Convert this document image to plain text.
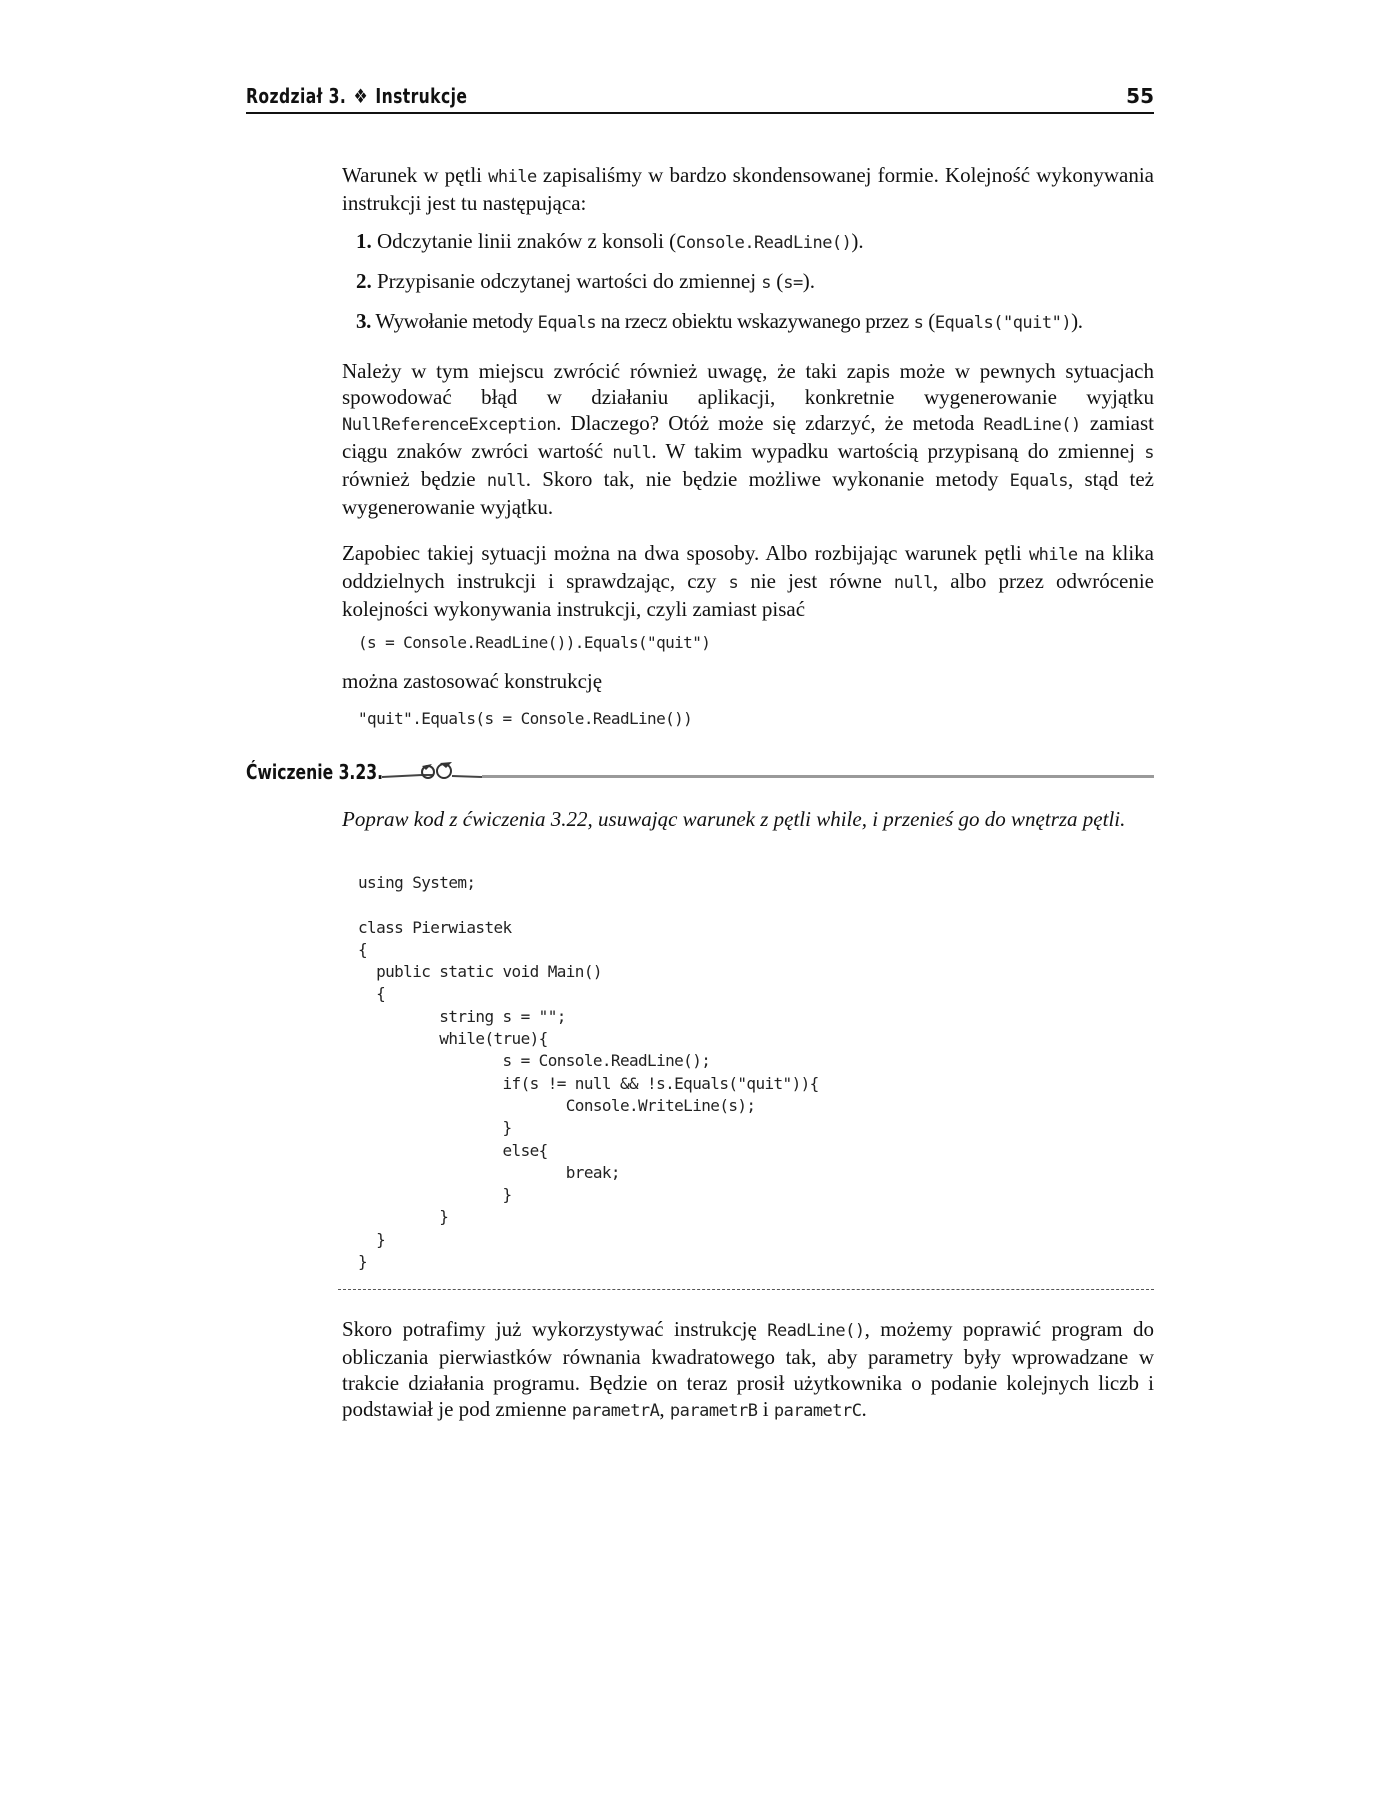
Rozdział 3. ❖ Instrukcje	55
Warunek w pętli while zapisaliśmy w bardzo skondensowanej formie. Kolejność wykonywania instrukcji jest tu następująca:
1. Odczytanie linii znaków z konsoli (Console.ReadLine()).
2. Przypisanie odczytanej wartości do zmiennej s (s=).
3. Wywołanie metody Equals na rzecz obiektu wskazywanego przez s (Equals("quit")).
Należy w tym miejscu zwrócić również uwagę, że taki zapis może w pewnych sytuacjach spowodować błąd w działaniu aplikacji, konkretnie wygenerowanie wyjątku NullReferenceException. Dlaczego? Otóż może się zdarzyć, że metoda ReadLine() zamiast ciągu znaków zwróci wartość null. W takim wypadku wartością przypisaną do zmiennej s również będzie null. Skoro tak, nie będzie możliwe wykonanie metody Equals, stąd też wygenerowanie wyjątku.
Zapobiec takiej sytuacji można na dwa sposoby. Albo rozbijając warunek pętli while na klika oddzielnych instrukcji i sprawdzając, czy s nie jest równe null, albo przez odwrócenie kolejności wykonywania instrukcji, czyli zamiast pisać
(s = Console.ReadLine()).Equals("quit")
można zastosować konstrukcję
"quit".Equals(s = Console.ReadLine())
Ćwiczenie 3.23.
Popraw kod z ćwiczenia 3.22, usuwając warunek z pętli while, i przenieś go do wnętrza pętli.
using System;
class Pierwiastek
{
public static void Main()
{
string s = "";
while(true){
s = Console.ReadLine();
if(s != null && !s.Equals("quit")){
Console.WriteLine(s);
}
else{
break;
}
}
}
}
Skoro potrafimy już wykorzystywać instrukcję ReadLine(), możemy poprawić program do obliczania pierwiastków równania kwadratowego tak, aby parametry były wprowadzane w trakcie działania programu. Będzie on teraz prosił użytkownika o podanie kolejnych liczb i podstawiał je pod zmienne parametrA, parametrB i parametrC.
